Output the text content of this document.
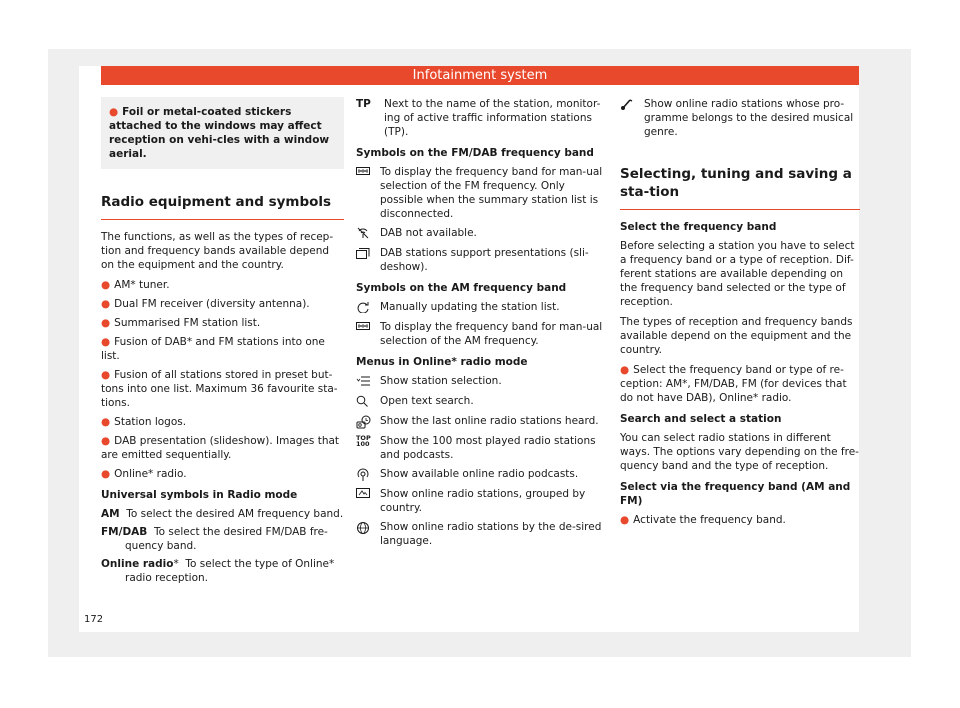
Infotainment system
172
● Foil or metal-coated stickers attached to the windows may affect reception on vehi-cles with a window aerial.
Radio equipment and symbols

The functions, as well as the types of recep-tion and frequency bands available depend on the equipment and the country.

● AM* tuner.
● Dual FM receiver (diversity antenna).
● Summarised FM station list.
● Fusion of DAB* and FM stations into one list.
● Fusion of all stations stored in preset but-tons into one list. Maximum 36 favourite sta-tions.
● Station logos.
● DAB presentation (slideshow). Images that are emitted sequentially.
● Online* radio.
Universal symbols in Radio mode
AM To select the desired AM frequency band.
FM/DAB To select the desired FM/DAB fre-quency band.
Online radio* To select the type of Online* radio reception.
TP	Next to the name of the station, monitor-ing of active traffic information stations (TP).
Symbols on the FM/DAB frequency band
To display the frequency band for man-ual selection of the FM frequency. Only possible when the summary station list is disconnected.
DAB not available.
DAB stations support presentations (sli-deshow).
Symbols on the AM frequency band
Manually updating the station list.
To display the frequency band for man-ual selection of the AM frequency.
Menus in Online* radio mode
Show station selection.
Open text search.
Show the last online radio stations heard.
TOP
100 Show the 100 most played radio stations and podcasts.
Show available online radio podcasts.
Show online radio stations, grouped by country.
Show online radio stations by the de-sired language.
Show online radio stations whose pro-gramme belongs to the desired musical genre.
Selecting, tuning and saving a sta-tion
Select the frequency band

Before selecting a station you have to select a frequency band or a type of reception. Dif-ferent stations are available depending on the frequency band selected or the type of reception.

The types of reception and frequency bands available depend on the equipment and the country.

● Select the frequency band or type of re-ception: AM*, FM/DAB, FM (for devices that do not have DAB), Online* radio.

Search and select a station

You can select radio stations in different ways. The options vary depending on the fre-quency band and the type of reception.

Select via the frequency band (AM and FM)

● Activate the frequency band.
